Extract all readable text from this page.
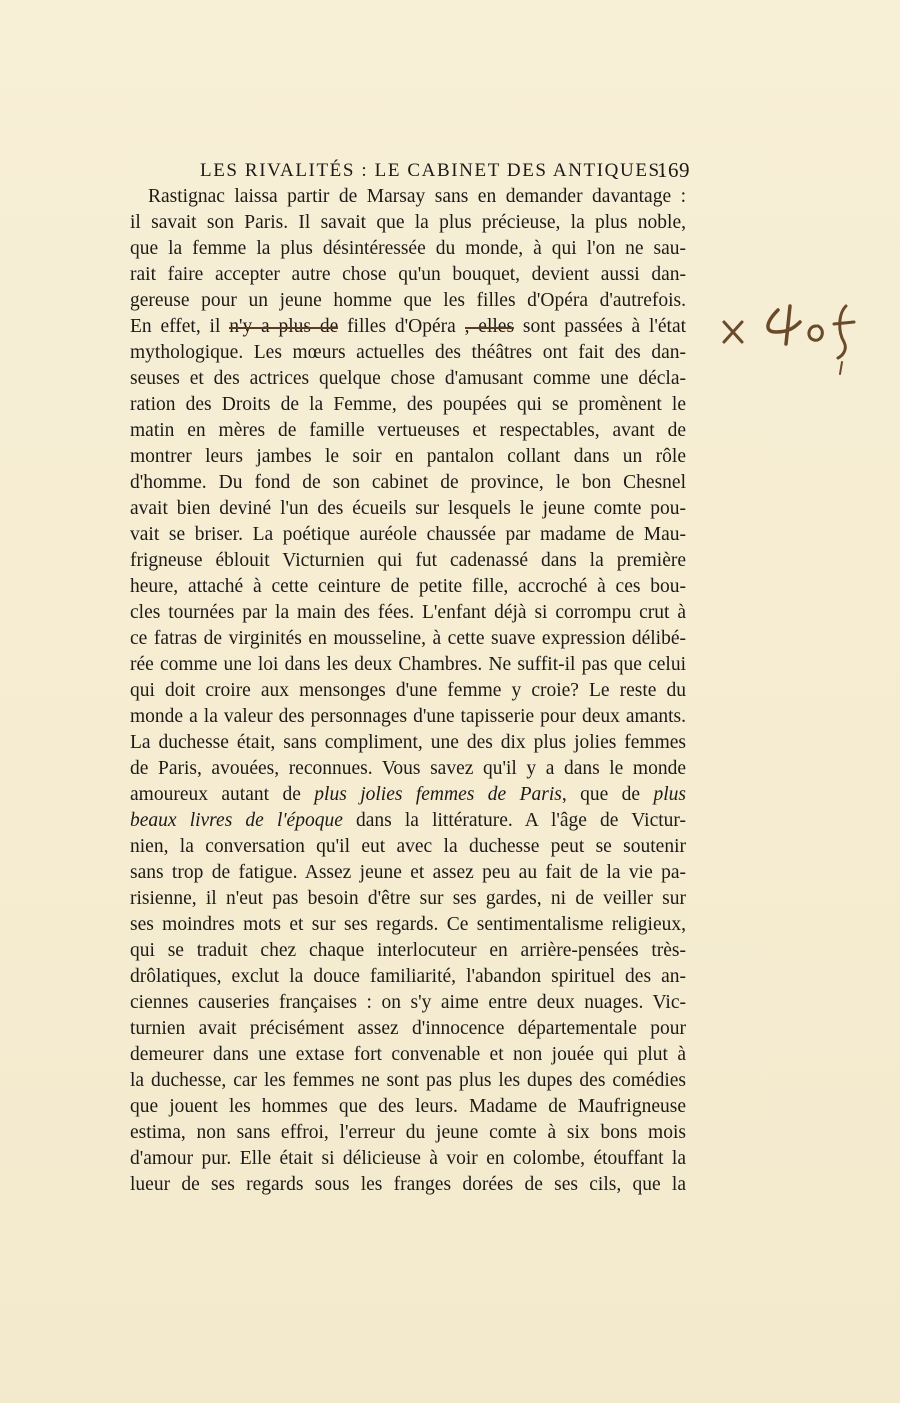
LES RIVALITÉS : LE CABINET DES ANTIQUES.
169
Rastignac laissa partir de Marsay sans en demander davantage :
il savait son Paris. Il savait que la plus précieuse, la plus noble,
que la femme la plus désintéressée du monde, à qui l'on ne sau-
rait faire accepter autre chose qu'un bouquet, devient aussi dan-
gereuse pour un jeune homme que les filles d'Opéra d'autrefois.
En effet, il n'y a plus de filles d'Opéra , elles sont passées à l'état
mythologique. Les mœurs actuelles des théâtres ont fait des dan-
seuses et des actrices quelque chose d'amusant comme une décla-
ration des Droits de la Femme, des poupées qui se promènent le
matin en mères de famille vertueuses et respectables, avant de
montrer leurs jambes le soir en pantalon collant dans un rôle
d'homme. Du fond de son cabinet de province, le bon Chesnel
avait bien deviné l'un des écueils sur lesquels le jeune comte pou-
vait se briser. La poétique auréole chaussée par madame de Mau-
frigneuse éblouit Victurnien qui fut cadenassé dans la première
heure, attaché à cette ceinture de petite fille, accroché à ces bou-
cles tournées par la main des fées. L'enfant déjà si corrompu crut à
ce fatras de virginités en mousseline, à cette suave expression délibé-
rée comme une loi dans les deux Chambres. Ne suffit-il pas que celui
qui doit croire aux mensonges d'une femme y croie? Le reste du
monde a la valeur des personnages d'une tapisserie pour deux amants.
La duchesse était, sans compliment, une des dix plus jolies femmes
de Paris, avouées, reconnues. Vous savez qu'il y a dans le monde
amoureux autant de plus jolies femmes de Paris, que de plus
beaux livres de l'époque dans la littérature. A l'âge de Victur-
nien, la conversation qu'il eut avec la duchesse peut se soutenir
sans trop de fatigue. Assez jeune et assez peu au fait de la vie pa-
risienne, il n'eut pas besoin d'être sur ses gardes, ni de veiller sur
ses moindres mots et sur ses regards. Ce sentimentalisme religieux,
qui se traduit chez chaque interlocuteur en arrière-pensées très-
drôlatiques, exclut la douce familiarité, l'abandon spirituel des an-
ciennes causeries françaises : on s'y aime entre deux nuages. Vic-
turnien avait précisément assez d'innocence départementale pour
demeurer dans une extase fort convenable et non jouée qui plut à
la duchesse, car les femmes ne sont pas plus les dupes des comédies
que jouent les hommes que des leurs. Madame de Maufrigneuse
estima, non sans effroi, l'erreur du jeune comte à six bons mois
d'amour pur. Elle était si délicieuse à voir en colombe, étouffant la
lueur de ses regards sous les franges dorées de ses cils, que la
